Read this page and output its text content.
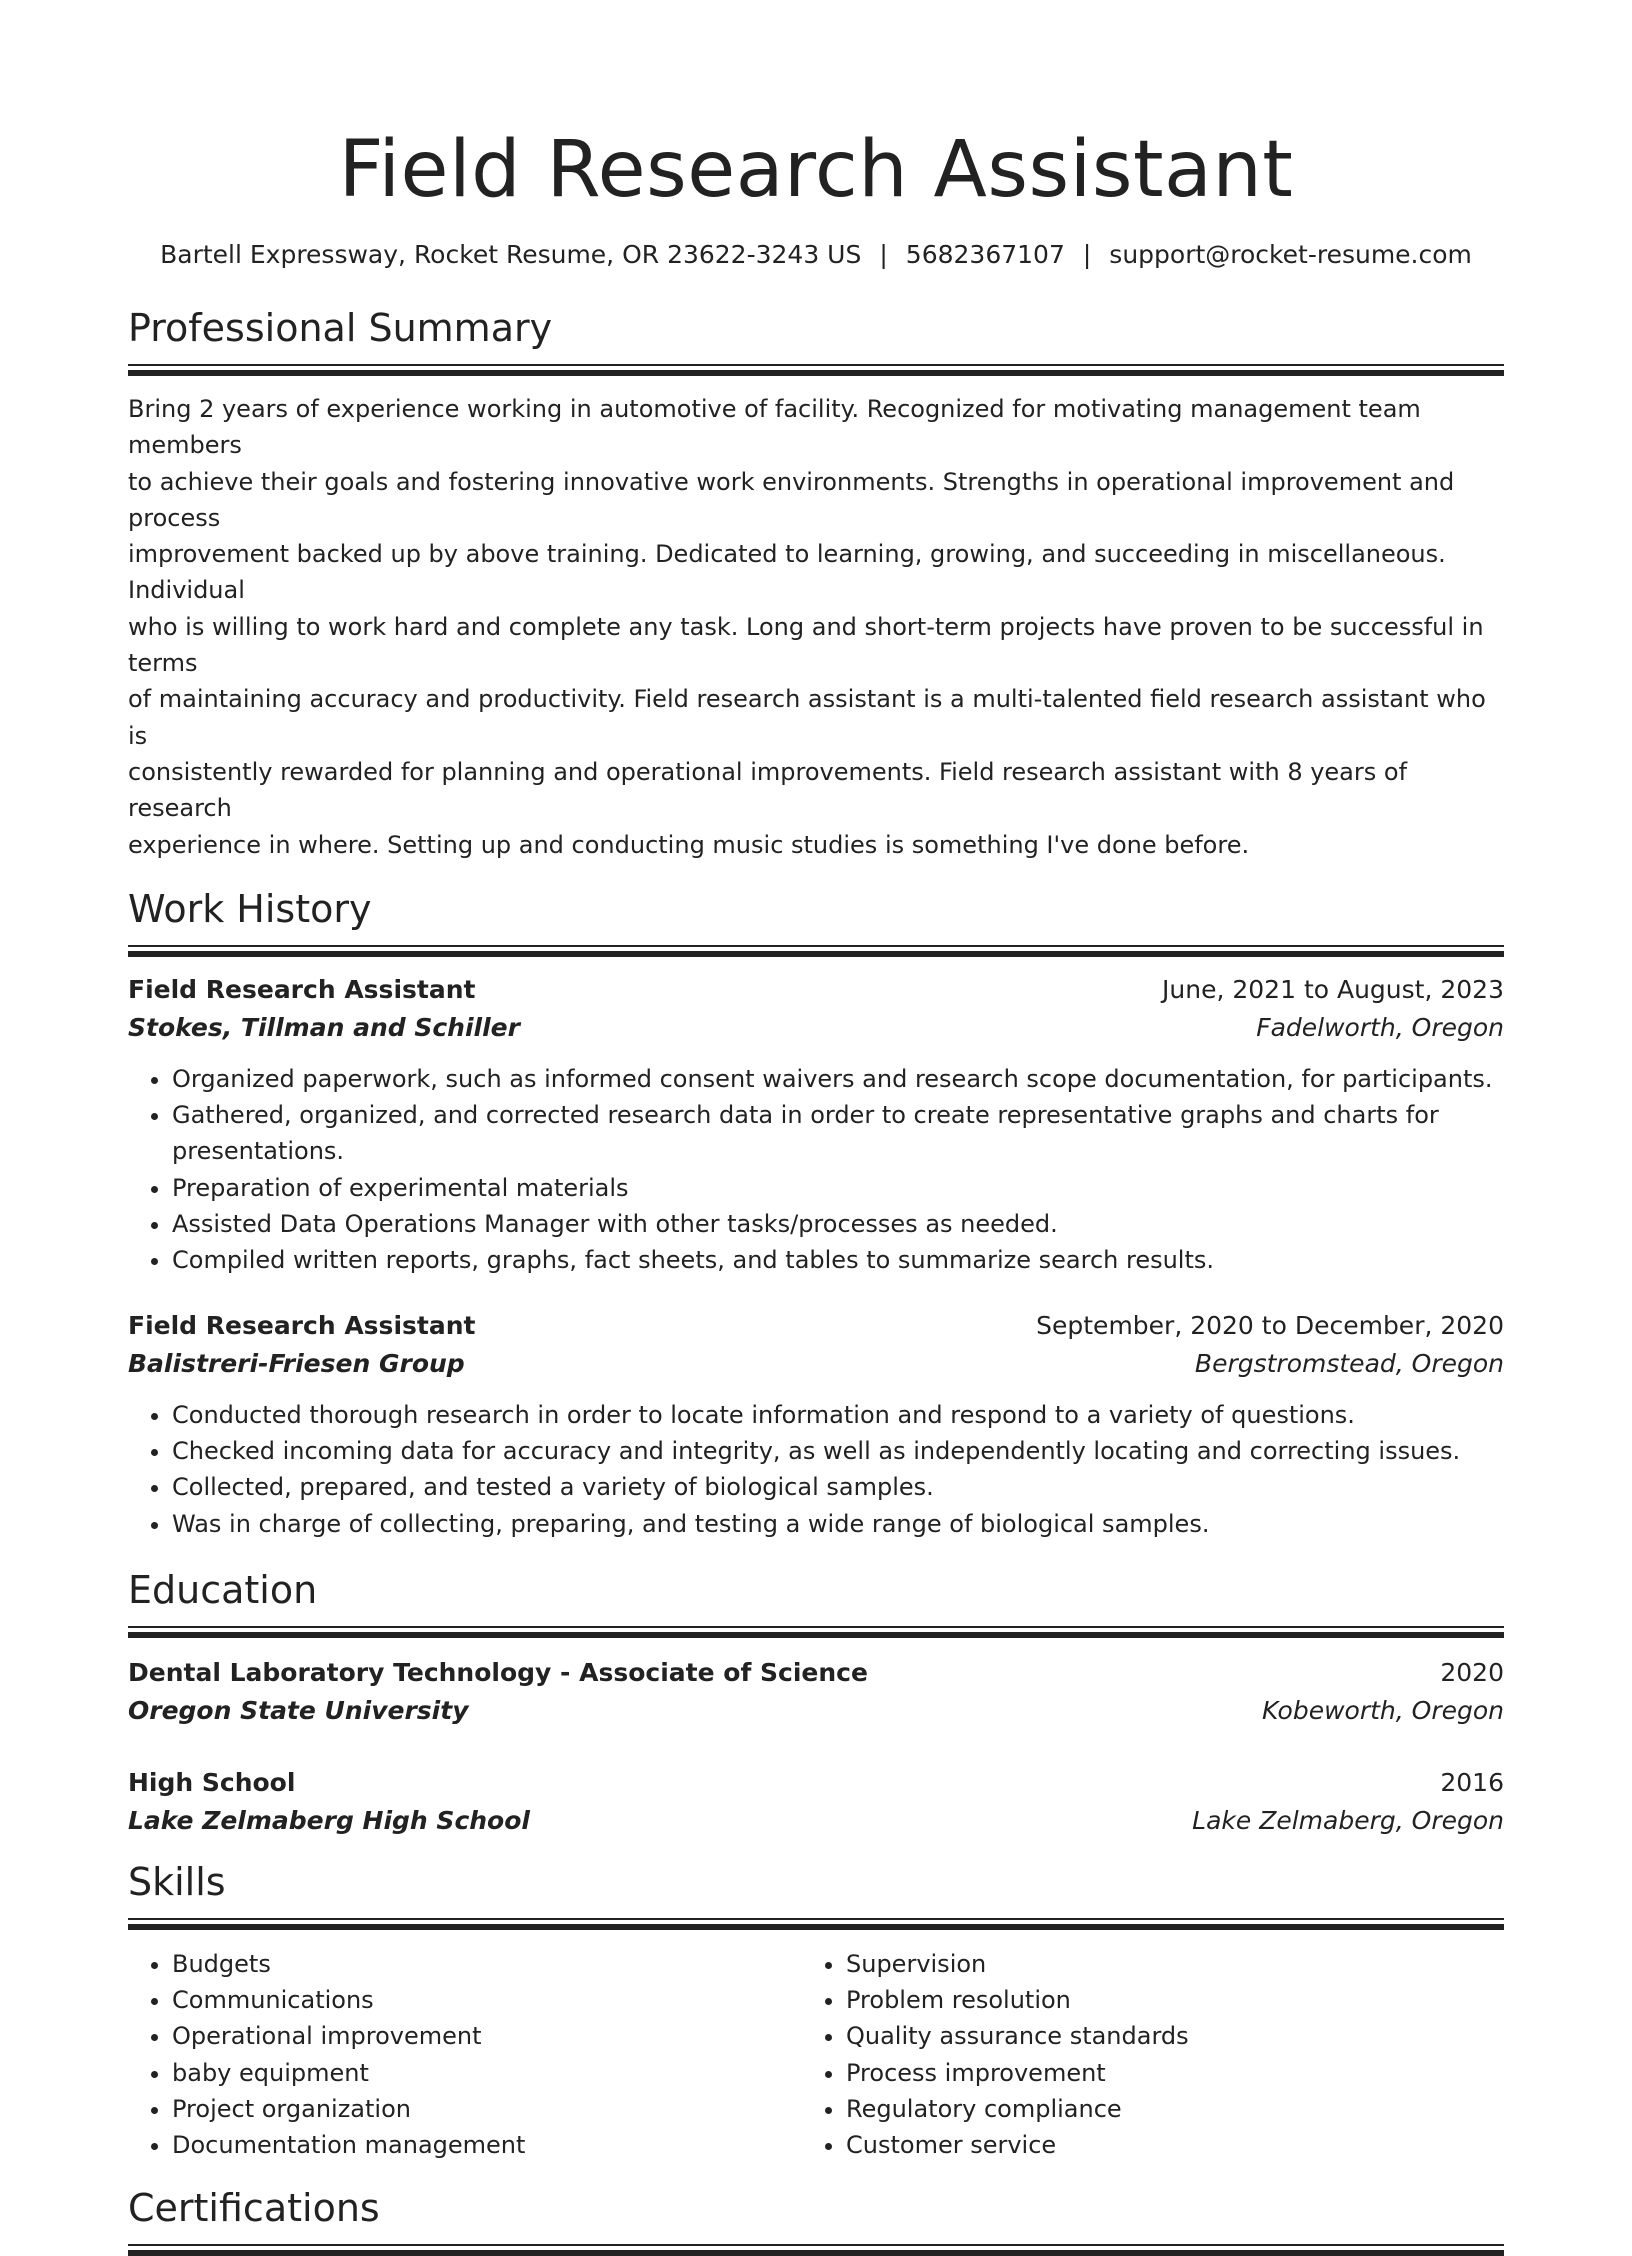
Field Research Assistant
Bartell Expressway, Rocket Resume, OR 23622-3243 US | 5682367107 | support@rocket-resume.com
Professional Summary
Bring 2 years of experience working in automotive of facility. Recognized for motivating management team members
to achieve their goals and fostering innovative work environments. Strengths in operational improvement and process
improvement backed up by above training. Dedicated to learning, growing, and succeeding in miscellaneous. Individual
who is willing to work hard and complete any task. Long and short-term projects have proven to be successful in terms
of maintaining accuracy and productivity. Field research assistant is a multi-talented field research assistant who is
consistently rewarded for planning and operational improvements. Field research assistant with 8 years of research
experience in where. Setting up and conducting music studies is something I've done before.
Work History
Field Research Assistant	June, 2021 to August, 2023
Stokes, Tillman and Schiller	Fadelworth, Oregon
• Organized paperwork, such as informed consent waivers and research scope documentation, for participants.
• Gathered, organized, and corrected research data in order to create representative graphs and charts for presentations.
• Preparation of experimental materials
• Assisted Data Operations Manager with other tasks/processes as needed.
• Compiled written reports, graphs, fact sheets, and tables to summarize search results.
Field Research Assistant	September, 2020 to December, 2020
Balistreri-Friesen Group	Bergstromstead, Oregon
• Conducted thorough research in order to locate information and respond to a variety of questions.
• Checked incoming data for accuracy and integrity, as well as independently locating and correcting issues.
• Collected, prepared, and tested a variety of biological samples.
• Was in charge of collecting, preparing, and testing a wide range of biological samples.
Education
Dental Laboratory Technology - Associate of Science	2020
Oregon State University	Kobeworth, Oregon
High School	2016
Lake Zelmaberg High School	Lake Zelmaberg, Oregon
Skills
• Budgets
• Communications
• Operational improvement
• baby equipment
• Project organization
• Documentation management
• Supervision
• Problem resolution
• Quality assurance standards
• Process improvement
• Regulatory compliance
• Customer service
Certifications
